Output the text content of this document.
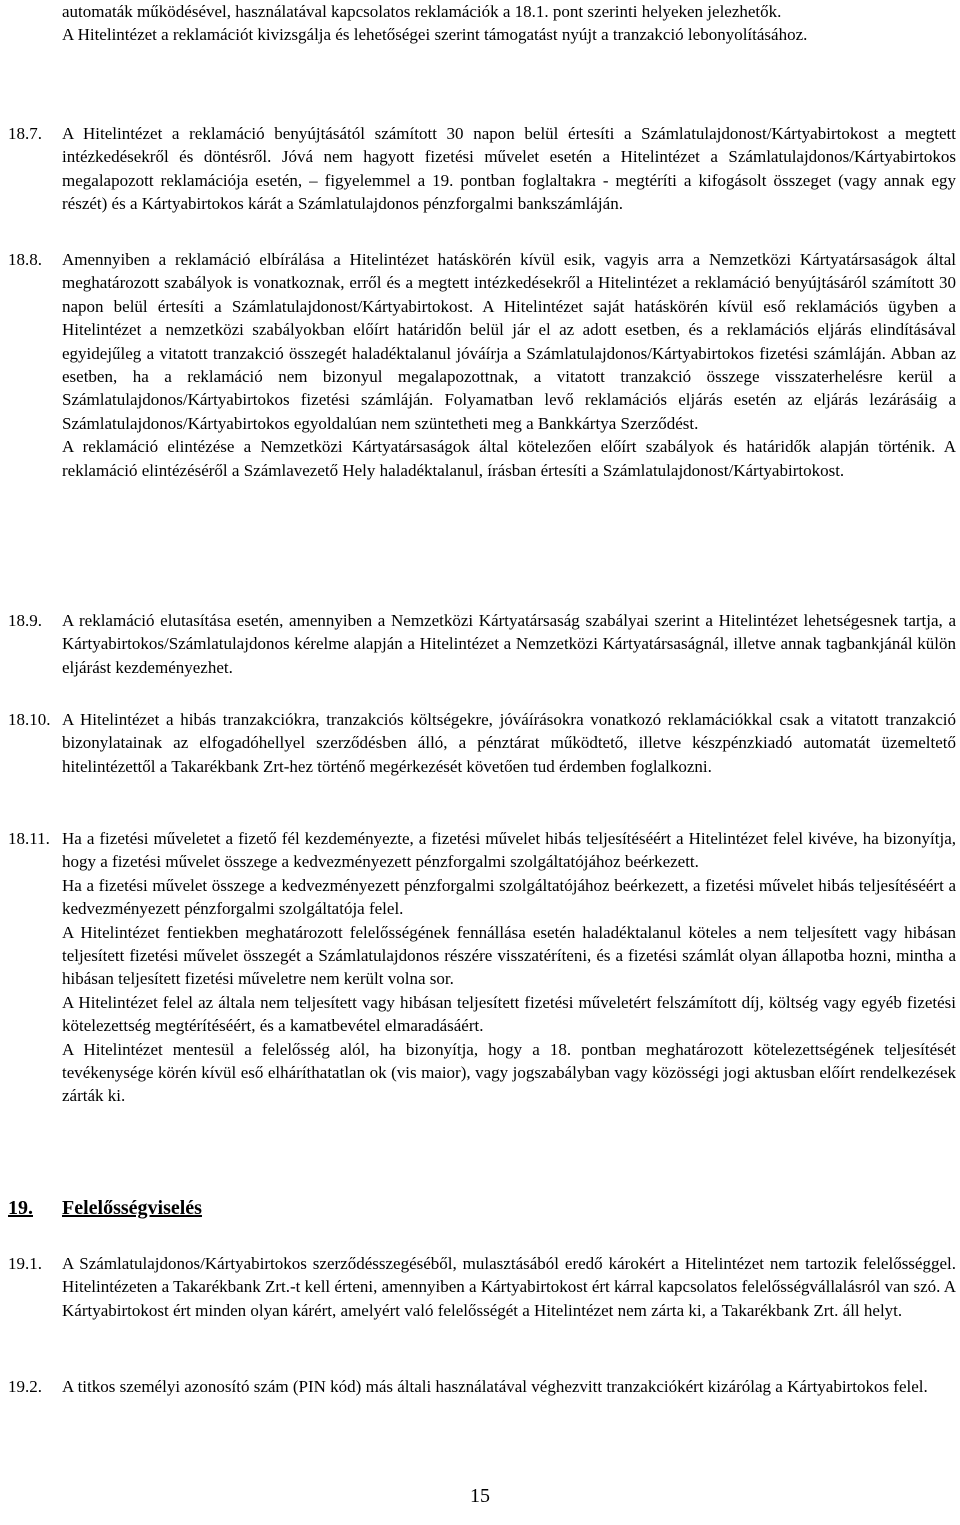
automaták működésével, használatával kapcsolatos reklamációk a 18.1. pont szerinti helyeken jelezhetők.

A Hitelintézet a reklamációt kivizsgálja és lehetőségei szerint támogatást nyújt a tranzakció lebonyolításához.

18.7. A Hitelintézet a reklamáció benyújtásától számított 30 napon belül értesíti a Számlatulajdonost/Kártyabirtokost a megtett intézkedésekről és döntésről. Jóvá nem hagyott fizetési művelet esetén a Hitelintézet a Számlatulajdonos/Kártyabirtokos megalapozott reklamációja esetén, – figyelemmel a 19. pontban foglaltakra - megtéríti a kifogásolt összeget (vagy annak egy részét) és a Kártyabirtokos kárát a Számlatulajdonos pénzforgalmi bankszámláján.

18.8. Amennyiben a reklamáció elbírálása a Hitelintézet hatáskörén kívül esik, vagyis arra a Nemzetközi Kártyatársaságok által meghatározott szabályok is vonatkoznak, erről és a megtett intézkedésekről a Hitelintézet a reklamáció benyújtásáról számított 30 napon belül értesíti a Számlatulajdonost/Kártyabirtokost. A Hitelintézet saját hatáskörén kívül eső reklamációs ügyben a Hitelintézet a nemzetközi szabályokban előírt határidőn belül jár el az adott esetben, és a reklamációs eljárás elindításával egyidejűleg a vitatott tranzakció összegét haladéktalanul jóváírja a Számlatulajdonos/Kártyabirtokos fizetési számláján. Abban az esetben, ha a reklamáció nem bizonyul megalapozottnak, a vitatott tranzakció összege visszaterhelésre kerül a Számlatulajdonos/Kártyabirtokos fizetési számláján. Folyamatban levő reklamációs eljárás esetén az eljárás lezárásáig a Számlatulajdonos/Kártyabirtokos egyoldalúan nem szüntetheti meg a Bankkártya Szerződést.

A reklamáció elintézése a Nemzetközi Kártyatársaságok által kötelezően előírt szabályok és határidők alapján történik. A reklamáció elintézéséről a Számlavezető Hely haladéktalanul, írásban értesíti a Számlatulajdonost/Kártyabirtokost.

18.9. A reklamáció elutasítása esetén, amennyiben a Nemzetközi Kártyatársaság szabályai szerint a Hitelintézet lehetségesnek tartja, a Kártyabirtokos/Számlatulajdonos kérelme alapján a Hitelintézet a Nemzetközi Kártyatársaságnál, illetve annak tagbankjánál külön eljárást kezdeményezhet.

18.10. A Hitelintézet a hibás tranzakciókra, tranzakciós költségekre, jóváírásokra vonatkozó reklamációkkal csak a vitatott tranzakció bizonylatainak az elfogadóhellyel szerződésben álló, a pénztárat működtető, illetve készpénzkiadó automatát üzemeltető hitelintézettől a Takarékbank Zrt-hez történő megérkezését követően tud érdemben foglalkozni.

18.11. Ha a fizetési műveletet a fizető fél kezdeményezte, a fizetési művelet hibás teljesítéséért a Hitelintézet felel kivéve, ha bizonyítja, hogy a fizetési művelet összege a kedvezményezett pénzforgalmi szolgáltatójához beérkezett.

Ha a fizetési művelet összege a kedvezményezett pénzforgalmi szolgáltatójához beérkezett, a fizetési művelet hibás teljesítéséért a kedvezményezett pénzforgalmi szolgáltatója felel.

A Hitelintézet fentiekben meghatározott felelősségének fennállása esetén haladéktalanul köteles a nem teljesített vagy hibásan teljesített fizetési művelet összegét a Számlatulajdonos részére visszatéríteni, és a fizetési számlát olyan állapotba hozni, mintha a hibásan teljesített fizetési műveletre nem került volna sor.

A Hitelintézet felel az általa nem teljesített vagy hibásan teljesített fizetési műveletért felszámított díj, költség vagy egyéb fizetési kötelezettség megtérítéséért, és a kamatbevétel elmaradásáért.

A Hitelintézet mentesül a felelősség alól, ha bizonyítja, hogy a 18. pontban meghatározott kötelezettségének teljesítését tevékenysége körén kívül eső elháríthatatlan ok (vis maior), vagy jogszabályban vagy közösségi jogi aktusban előírt rendelkezések zárták ki.

19. Felelősségviselés
19.1. A Számlatulajdonos/Kártyabirtokos szerződésszegéséből, mulasztásából eredő károkért a Hitelintézet nem tartozik felelősséggel. Hitelintézeten a Takarékbank Zrt.-t kell érteni, amennyiben a Kártyabirtokost ért kárral kapcsolatos felelősségvállalásról van szó. A Kártyabirtokost ért minden olyan kárért, amelyért való felelősségét a Hitelintézet nem zárta ki, a Takarékbank Zrt. áll helyt.

19.2. A titkos személyi azonosító szám (PIN kód) más általi használatával véghezvitt tranzakciókért kizárólag a Kártyabirtokos felel.

15
